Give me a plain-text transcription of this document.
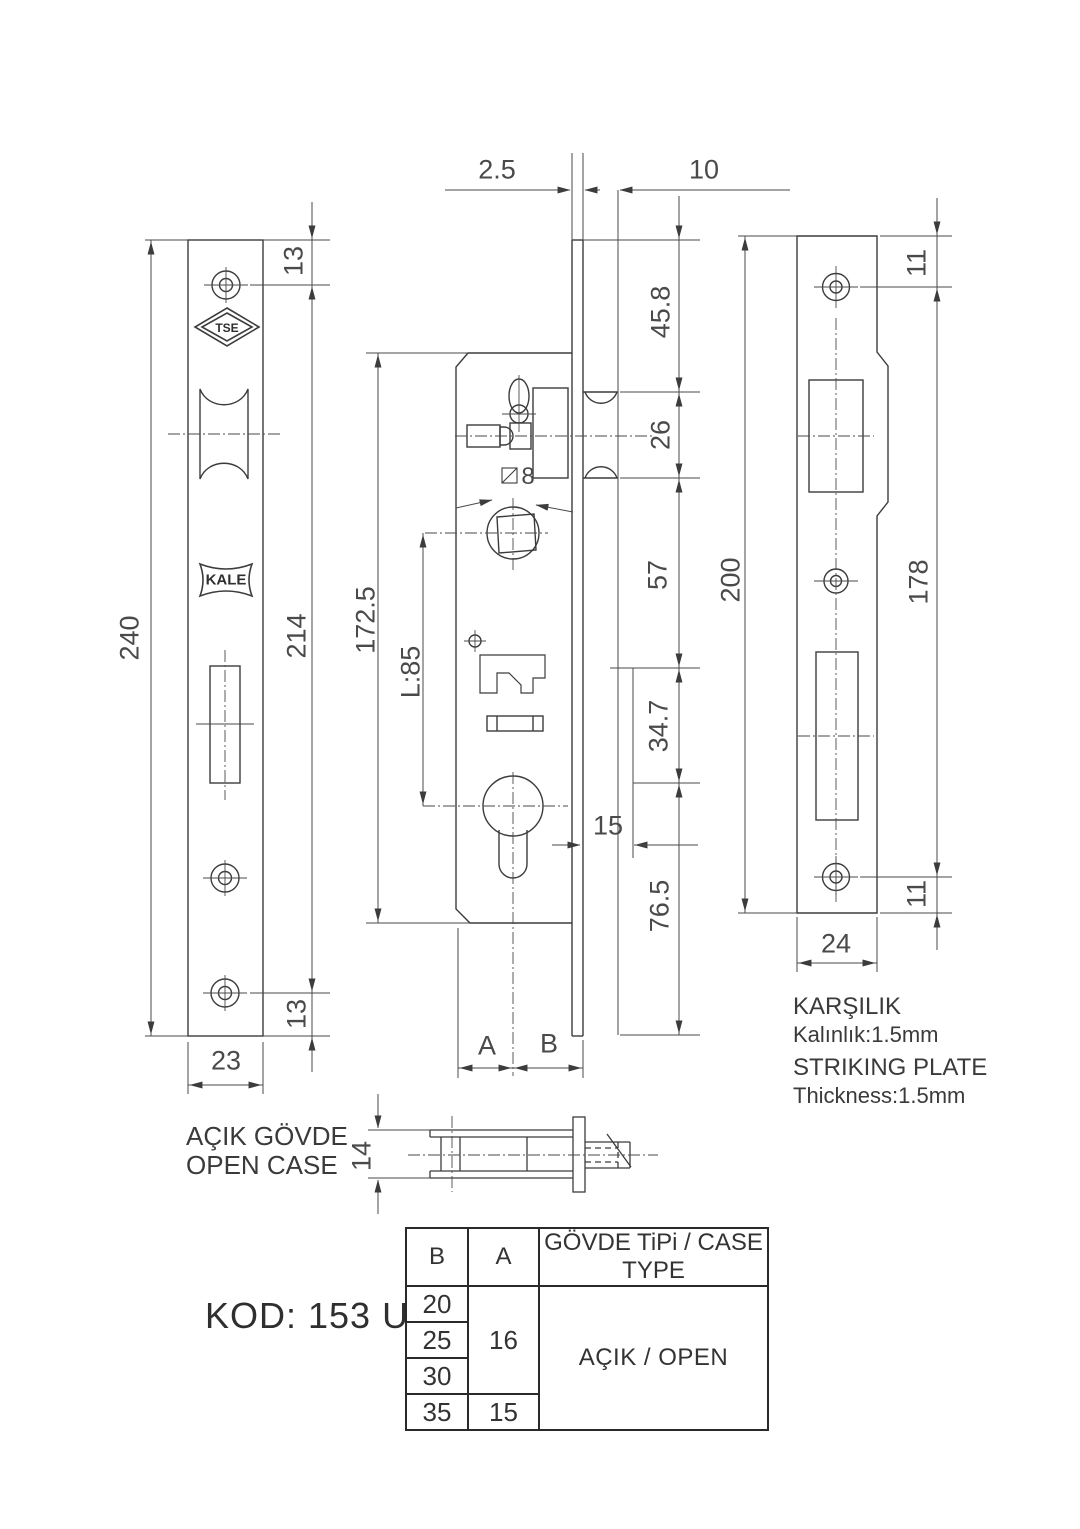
240
13
214
13
23
2.5	10
172.5
L:85
8
45.8
26
57
34.7
76.5
15
A B
14
200
11
178
11
24
TSE
KALE
AÇIK GÖVDE
OPEN CASE
KARŞILIK
Kalınlık:1.5mm
STRIKING PLATE
Thickness:1.5mm
KOD: 153 U
B	A	GÖVDE TiPi / CASE TYPE
20	16	AÇIK / OPEN
25		
30		
35	15	
